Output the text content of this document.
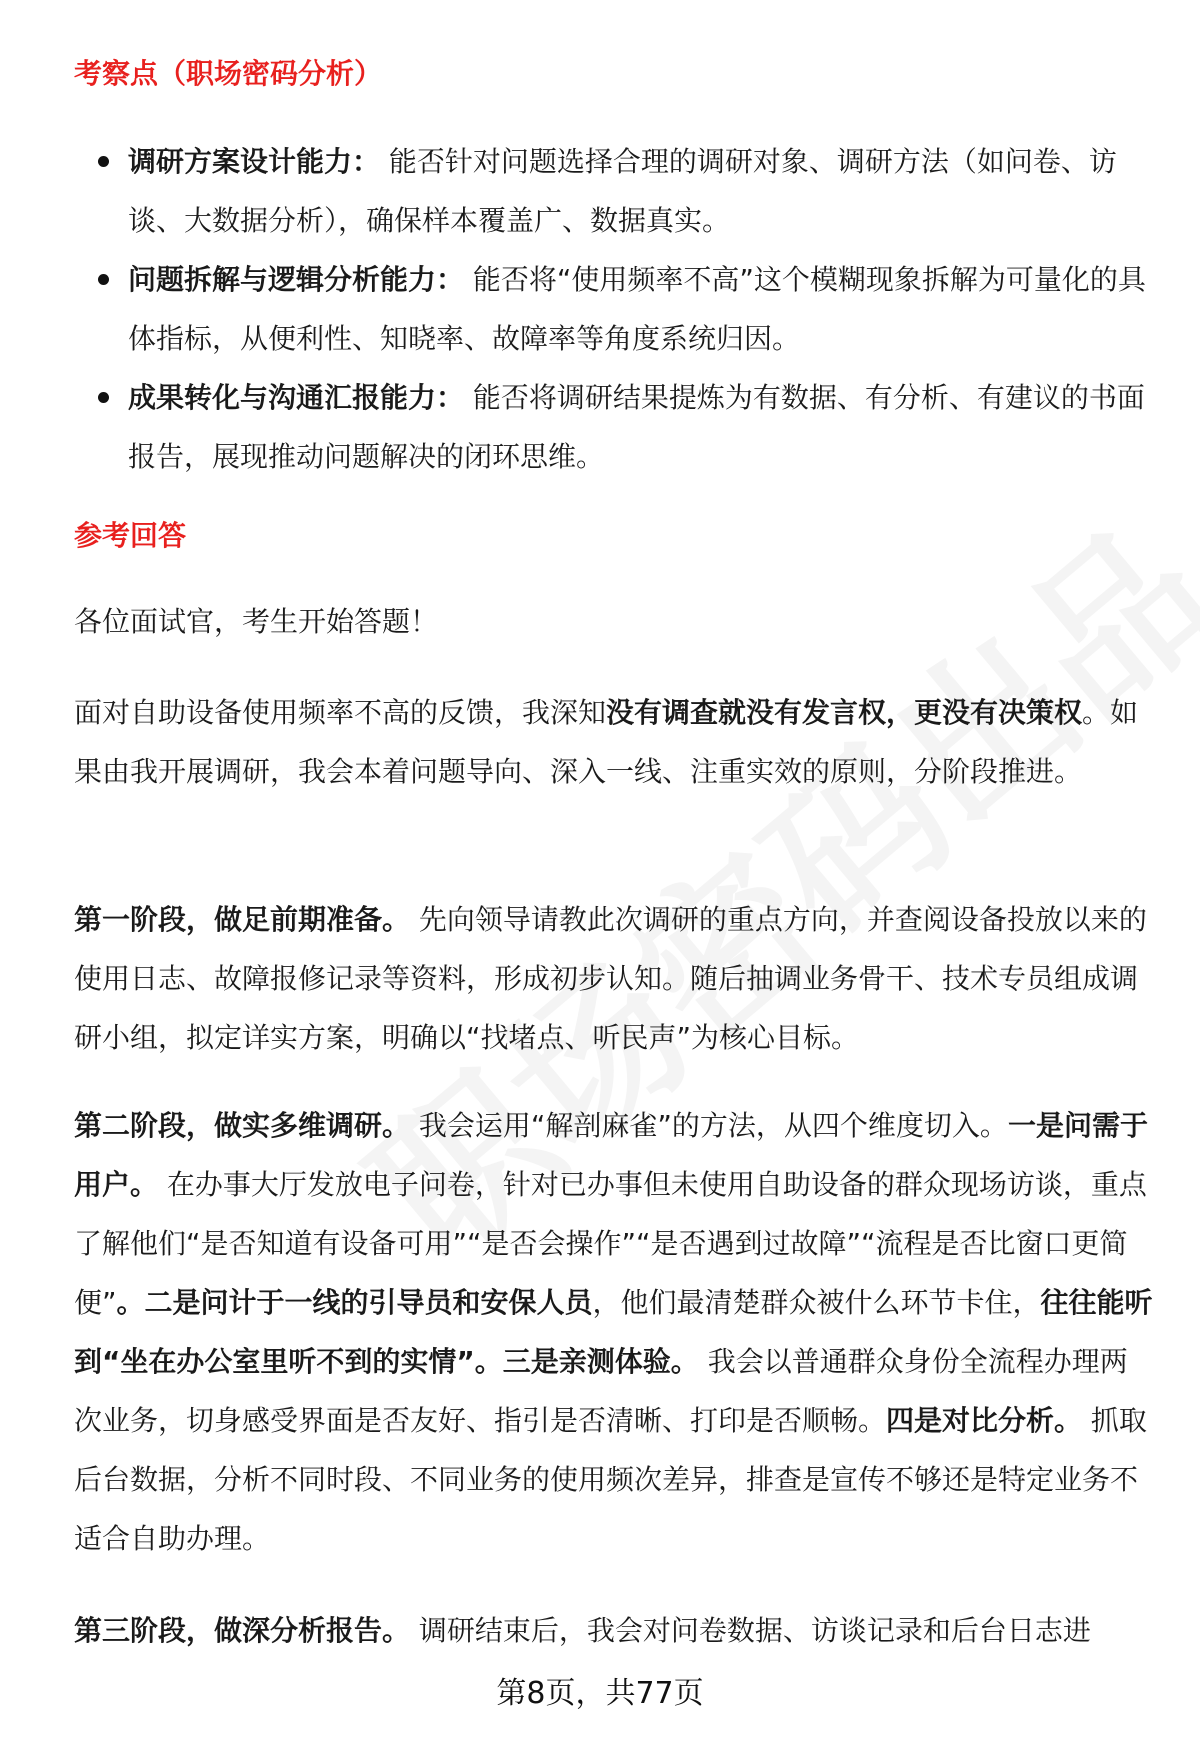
考察点（职场密码分析）
调研方案设计能力： 能否针对问题选择合理的调研对象、调研方法（如问卷、访谈、大数据分析），确保样本覆盖广、数据真实。
问题拆解与逻辑分析能力： 能否将“使用频率不高”这个模糊现象拆解为可量化的具体指标，从便利性、知晓率、故障率等角度系统归因。
成果转化与沟通汇报能力： 能否将调研结果提炼为有数据、有分析、有建议的书面报告，展现推动问题解决的闭环思维。
参考回答

各位面试官，考生开始答题！

面对自助设备使用频率不高的反馈，我深知没有调查就没有发言权，更没有决策权。如果由我开展调研，我会本着问题导向、深入一线、注重实效的原则，分阶段推进。

第一阶段，做足前期准备。 先向领导请教此次调研的重点方向，并查阅设备投放以来的使用日志、故障报修记录等资料，形成初步认知。随后抽调业务骨干、技术专员组成调研小组，拟定详实方案，明确以“找堵点、听民声”为核心目标。

第二阶段，做实多维调研。 我会运用“解剖麻雀”的方法，从四个维度切入。一是问需于用户。 在办事大厅发放电子问卷，针对已办事但未使用自助设备的群众现场访谈，重点了解他们“是否知道有设备可用”“是否会操作”“是否遇到过故障”“流程是否比窗口更简便”。二是问计于一线的引导员和安保人员，他们最清楚群众被什么环节卡住，往往能听到“坐在办公室里听不到的实情”。三是亲测体验。 我会以普通群众身份全流程办理两次业务，切身感受界面是否友好、指引是否清晰、打印是否顺畅。四是对比分析。 抓取后台数据，分析不同时段、不同业务的使用频次差异，排查是宣传不够还是特定业务不适合自助办理。

第三阶段，做深分析报告。 调研结束后，我会对问卷数据、访谈记录和后台日志进

第8页，共77页
